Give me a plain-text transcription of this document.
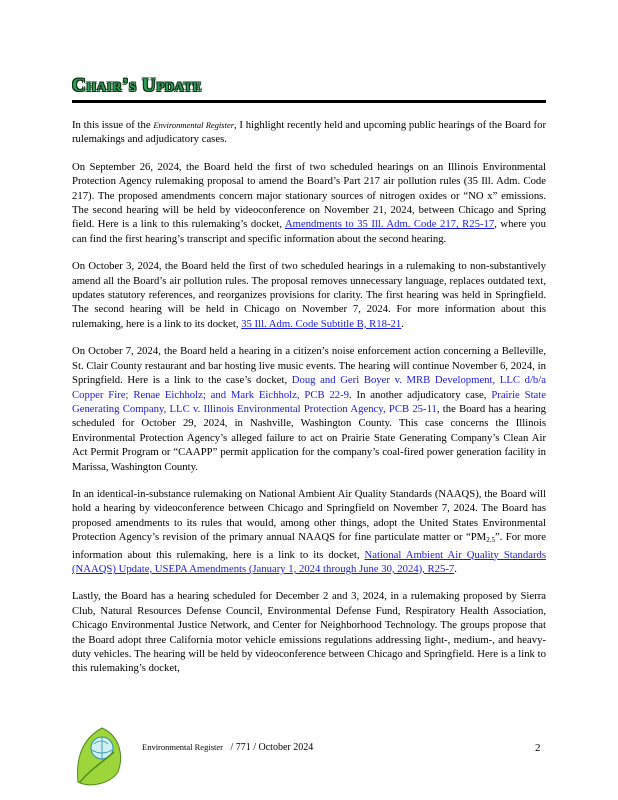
Chair’s Update

In this issue of the Environmental Register, I highlight recently held and upcoming public hearings of the Board for rulemakings and adjudicatory cases.

On September 26, 2024, the Board held the first of two scheduled hearings on an Illinois Environmental Protection Agency rulemaking proposal to amend the Board’s Part 217 air pollution rules (35 Ill. Adm. Code 217). The proposed amendments concern major stationary sources of nitrogen oxides or “NO x” emissions. The second hearing will be held by videoconference on November 21, 2024, between Chicago and Spring field. Here is a link to this rulemaking’s docket, Amendments to 35 Ill. Adm. Code 217, R25-17, where you can find the first hearing’s transcript and specific information about the second hearing.

On October 3, 2024, the Board held the first of two scheduled hearings in a rulemaking to non-substantively amend all the Board’s air pollution rules. The proposal removes unnecessary language, replaces outdated text, updates statutory references, and reorganizes provisions for clarity. The first hearing was held in Springfield. The second hearing will be held in Chicago on November 7, 2024. For more information about this rulemaking, here is a link to its docket, 35 Ill. Adm. Code Subtitle B, R18-21.

On October 7, 2024, the Board held a hearing in a citizen’s noise enforcement action concerning a Belleville, St. Clair County restaurant and bar hosting live music events. The hearing will continue November 6, 2024, in Springfield. Here is a link to the case’s docket, Doug and Geri Boyer v. MRB Development, LLC d/b/a Copper Fire; Renae Eichholz; and Mark Eichholz, PCB 22-9. In another adjudicatory case, Prairie State Generating Company, LLC v. Illinois Environmental Protection Agency, PCB 25-11, the Board has a hearing scheduled for October 29, 2024, in Nashville, Washington County. This case concerns the Illinois Environmental Protection Agency’s alleged failure to act on Prairie State Generating Company’s Clean Air Act Permit Program or “CAAPP” permit application for the company’s coal-fired power generation facility in Marissa, Washington County.

In an identical-in-substance rulemaking on National Ambient Air Quality Standards (NAAQS), the Board will hold a hearing by videoconference between Chicago and Springfield on November 7, 2024. The Board has proposed amendments to its rules that would, among other things, adopt the United States Environmental Protection Agency’s revision of the primary annual NAAQS for fine particulate matter or “$PM_{2.5}$”. For more information about this rulemaking, here is a link to its docket, National Ambient Air Quality Standards (NAAQS) Update, USEPA Amendments (January 1, 2024 through June 30, 2024), R25-7.

Lastly, the Board has a hearing scheduled for December 2 and 3, 2024, in a rulemaking proposed by Sierra Club, Natural Resources Defense Council, Environmental Defense Fund, Respiratory Health Association, Chicago Environmental Justice Network, and Center for Neighborhood Technology. The groups propose that the Board adopt three California motor vehicle emissions regulations addressing light-, medium-, and heavy-duty vehicles. The hearing will be held by videoconference between Chicago and Springfield. Here is a link to this rulemaking’s docket,

Environmental Register / 771 / October 2024	2
